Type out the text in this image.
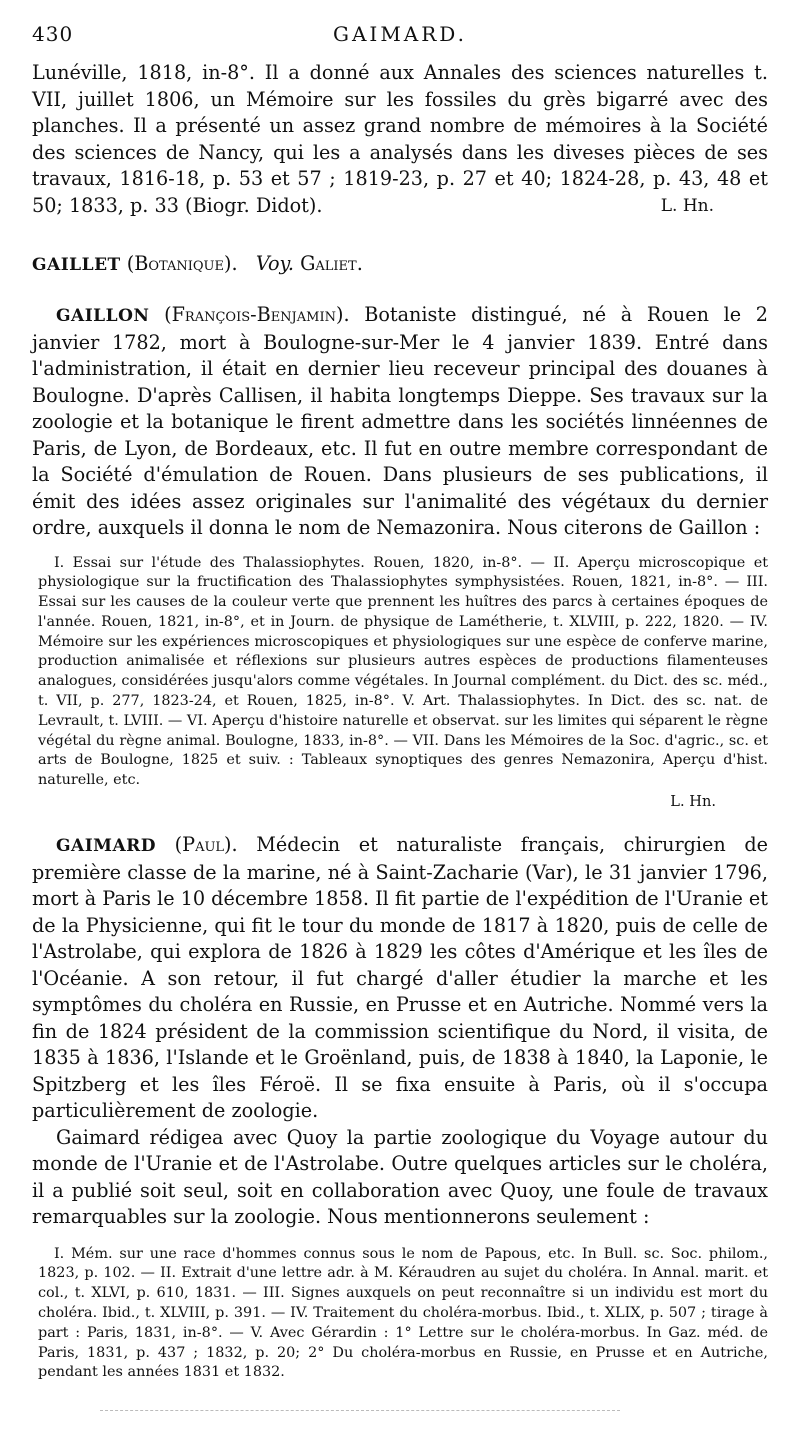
430	GAIMARD.

Lunéville, 1818, in-8°. Il a donné aux Annales des sciences naturelles t. VII, juillet 1806, un Mémoire sur les fossiles du grès bigarré avec des planches. Il a présenté un assez grand nombre de mémoires à la Société des sciences de Nancy, qui les a analysés dans les diveses pièces de ses travaux, 1816-18, p. 53 et 57 ; 1819-23, p. 27 et 40; 1824-28, p. 43, 48 et 50; 1833, p. 33 (Biogr. Didot).	L. Hn.

GAILLET (Botanique). Voy. Galiet.

GAILLON (François-Benjamin). Botaniste distingué, né à Rouen le 2 janvier 1782, mort à Boulogne-sur-Mer le 4 janvier 1839. Entré dans l'administration, il était en dernier lieu receveur principal des douanes à Boulogne. D'après Callisen, il habita longtemps Dieppe. Ses travaux sur la zoologie et la botanique le firent admettre dans les sociétés linnéennes de Paris, de Lyon, de Bordeaux, etc. Il fut en outre membre correspondant de la Société d'émulation de Rouen. Dans plusieurs de ses publications, il émit des idées assez originales sur l'animalité des végétaux du dernier ordre, auxquels il donna le nom de Nemazonira. Nous citerons de Gaillon :

I. Essai sur l'étude des Thalassiophytes. Rouen, 1820, in-8°. — II. Aperçu microscopique et physiologique sur la fructification des Thalassiophytes symphysistées. Rouen, 1821, in-8°. — III. Essai sur les causes de la couleur verte que prennent les huîtres des parcs à certaines époques de l'année. Rouen, 1821, in-8°, et in Journ. de physique de Lamétherie, t. XLVIII, p. 222, 1820. — IV. Mémoire sur les expériences microscopiques et physiologiques sur une espèce de conferve marine, production animalisée et réflexions sur plusieurs autres espèces de productions filamenteuses analogues, considérées jusqu'alors comme végétales. In Journal complément. du Dict. des sc. méd., t. VII, p. 277, 1823-24, et Rouen, 1825, in-8°. V. Art. Thalassiophytes. In Dict. des sc. nat. de Levrault, t. LVIII. — VI. Aperçu d'histoire naturelle et observat. sur les limites qui séparent le règne végétal du règne animal. Boulogne, 1833, in-8°. — VII. Dans les Mémoires de la Soc. d'agric., sc. et arts de Boulogne, 1825 et suiv. : Tableaux synoptiques des genres Nemazonira, Aperçu d'hist. naturelle, etc.

L. Hn.

GAIMARD (Paul). Médecin et naturaliste français, chirurgien de première classe de la marine, né à Saint-Zacharie (Var), le 31 janvier 1796, mort à Paris le 10 décembre 1858. Il fit partie de l'expédition de l'Uranie et de la Physicienne, qui fit le tour du monde de 1817 à 1820, puis de celle de l'Astrolabe, qui explora de 1826 à 1829 les côtes d'Amérique et les îles de l'Océanie. A son retour, il fut chargé d'aller étudier la marche et les symptômes du choléra en Russie, en Prusse et en Autriche. Nommé vers la fin de 1824 président de la commission scientifique du Nord, il visita, de 1835 à 1836, l'Islande et le Groënland, puis, de 1838 à 1840, la Laponie, le Spitzberg et les îles Féroë. Il se fixa ensuite à Paris, où il s'occupa particulièrement de zoologie.

Gaimard rédigea avec Quoy la partie zoologique du Voyage autour du monde de l'Uranie et de l'Astrolabe. Outre quelques articles sur le choléra, il a publié soit seul, soit en collaboration avec Quoy, une foule de travaux remarquables sur la zoologie. Nous mentionnerons seulement :

I. Mém. sur une race d'hommes connus sous le nom de Papous, etc. In Bull. sc. Soc. philom., 1823, p. 102. — II. Extrait d'une lettre adr. à M. Kéraudren au sujet du choléra. In Annal. marit. et col., t. XLVI, p. 610, 1831. — III. Signes auxquels on peut reconnaître si un individu est mort du choléra. Ibid., t. XLVIII, p. 391. — IV. Traitement du choléra-morbus. Ibid., t. XLIX, p. 507 ; tirage à part : Paris, 1831, in-8°. — V. Avec Gérardin : 1° Lettre sur le choléra-morbus. In Gaz. méd. de Paris, 1831, p. 437 ; 1832, p. 20; 2° Du choléra-morbus en Russie, en Prusse et en Autriche, pendant les années 1831 et 1832.
